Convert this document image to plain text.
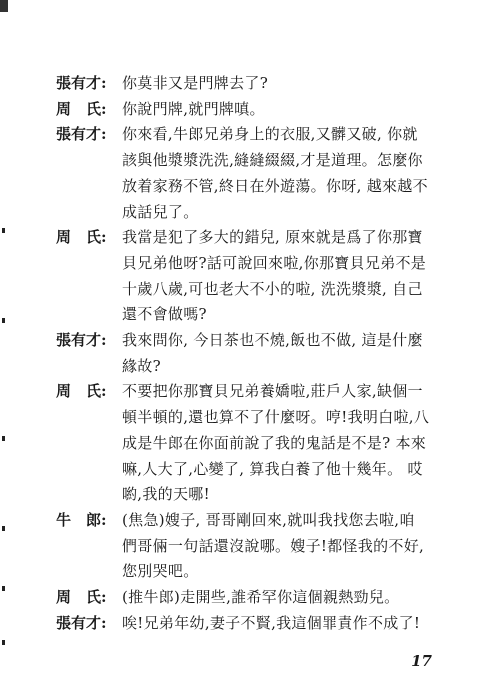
張有才:	你莫非又是門牌去了?
周　氏:	你說門牌,就門牌嗔。
張有才:	你來看,牛郎兄弟身上的衣服,又髒又破, 你就
該與他漿漿洗洗,縫縫綴綴,才是道理。怎麼你
放着家務不管,終日在外遊蕩。你呀, 越來越不
成話兒了。
周　氏:	我當是犯了多大的錯兒, 原來就是爲了你那寶
貝兄弟他呀?話可說回來啦,你那寶貝兄弟不是
十歲八歲,可也老大不小的啦, 洗洗漿漿, 自己
還不會做嗎?
張有才:	我來問你, 今日茶也不燒,飯也不做, 這是什麼
緣故?
周　氏:	不要把你那寶貝兄弟養嬌啦,莊戶人家,缺個一
頓半頓的,還也算不了什麼呀。哼!我明白啦,八
成是牛郎在你面前說了我的鬼話是不是? 本來
嘛,人大了,心變了, 算我白養了他十幾年。 哎
喲,我的天哪!
牛　郎:	(焦急)嫂子, 哥哥剛回來,就叫我找您去啦,咱
們哥倆一句話還沒說哪。嫂子!都怪我的不好,
您別哭吧。
周　氏:	(推牛郎)走開些,誰希罕你這個親熱勁兒。
張有才:	唉!兄弟年幼,妻子不賢,我這個罪責作不成了!
17
